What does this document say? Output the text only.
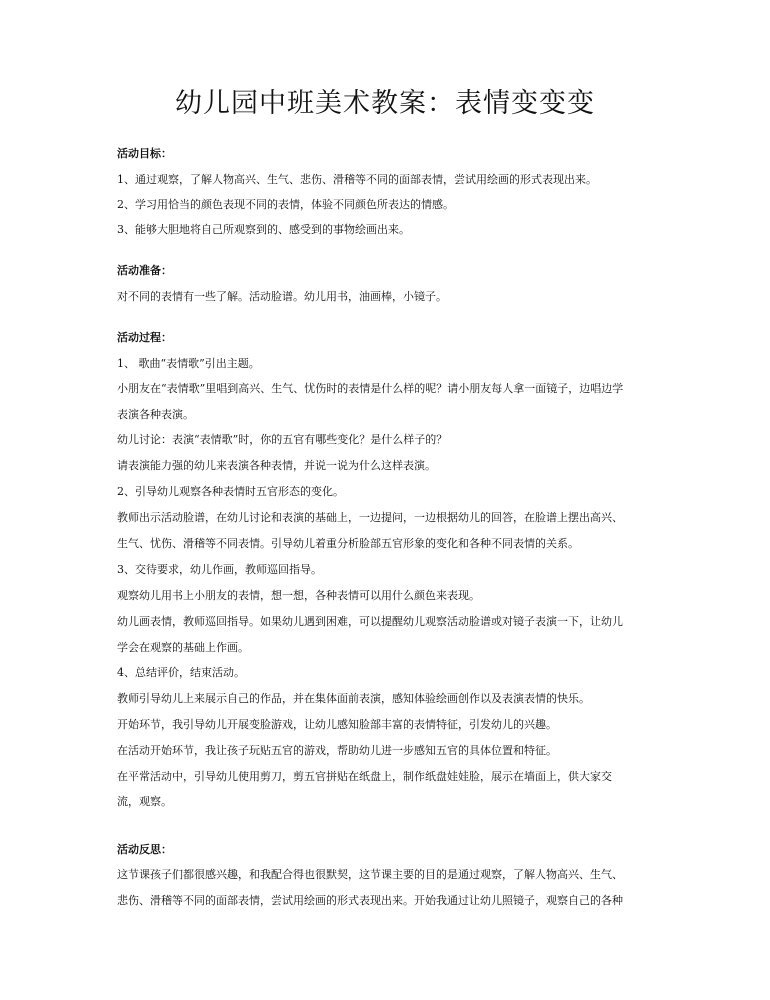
幼儿园中班美术教案：表情变变变
活动目标：
1、通过观察，了解人物高兴、生气、悲伤、滑稽等不同的面部表情，尝试用绘画的形式表现出来。
2、学习用恰当的颜色表现不同的表情，体验不同颜色所表达的情感。
3、能够大胆地将自己所观察到的、感受到的事物绘画出来。
活动准备：
对不同的表情有一些了解。活动脸谱。幼儿用书，油画棒，小镜子。
活动过程：
1、 歌曲“表情歌”引出主题。
小朋友在“表情歌”里唱到高兴、生气、忧伤时的表情是什么样的呢？请小朋友每人拿一面镜子，边唱边学
表演各种表演。
幼儿讨论：表演“表情歌”时，你的五官有哪些变化？是什么样子的？
请表演能力强的幼儿来表演各种表情，并说一说为什么这样表演。
2、引导幼儿观察各种表情时五官形态的变化。
教师出示活动脸谱，在幼儿讨论和表演的基础上，一边提问，一边根据幼儿的回答，在脸谱上摆出高兴、
生气、忧伤、滑稽等不同表情。引导幼儿着重分析脸部五官形象的变化和各种不同表情的关系。
3、交待要求，幼儿作画，教师巡回指导。
观察幼儿用书上小朋友的表情，想一想，各种表情可以用什么颜色来表现。
幼儿画表情，教师巡回指导。如果幼儿遇到困难，可以提醒幼儿观察活动脸谱或对镜子表演一下，让幼儿
学会在观察的基础上作画。
4、总结评价，结束活动。
教师引导幼儿上来展示自己的作品，并在集体面前表演，感知体验绘画创作以及表演表情的快乐。
开始环节，我引导幼儿开展变脸游戏，让幼儿感知脸部丰富的表情特征，引发幼儿的兴趣。
在活动开始环节，我让孩子玩贴五官的游戏，帮助幼儿进一步感知五官的具体位置和特征。
在平常活动中，引导幼儿使用剪刀，剪五官拼贴在纸盘上，制作纸盘娃娃脸，展示在墙面上，供大家交
流，观察。
活动反思：
这节课孩子们都很感兴趣，和我配合得也很默契，这节课主要的目的是通过观察，了解人物高兴、生气、
悲伤、滑稽等不同的面部表情，尝试用绘画的形式表现出来。开始我通过让幼儿照镜子，观察自己的各种
